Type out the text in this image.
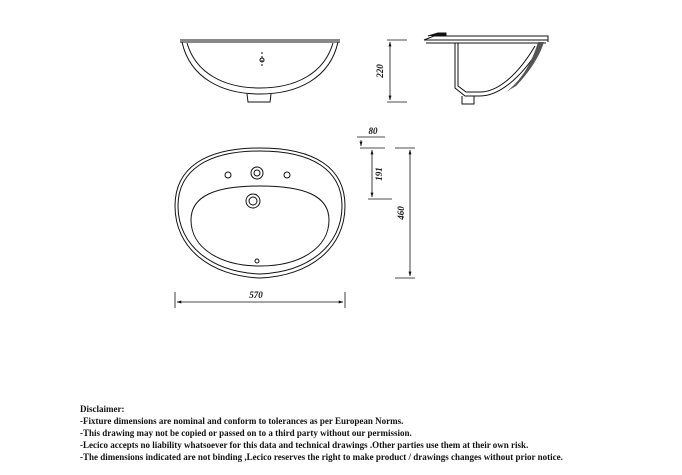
220
570
80
191
460
Disclaimer:
-Fixture dimensions are nominal and conform to tolerances as per European Norms.
-This drawing may not be copied or passed on to a third party without our permission.
-Lecico accepts no liability whatsoever for this data and technical drawings .Other parties use them at their own risk.
-The dimensions indicated are not binding ,Lecico reserves the right to make product / drawings changes without prior notice.
